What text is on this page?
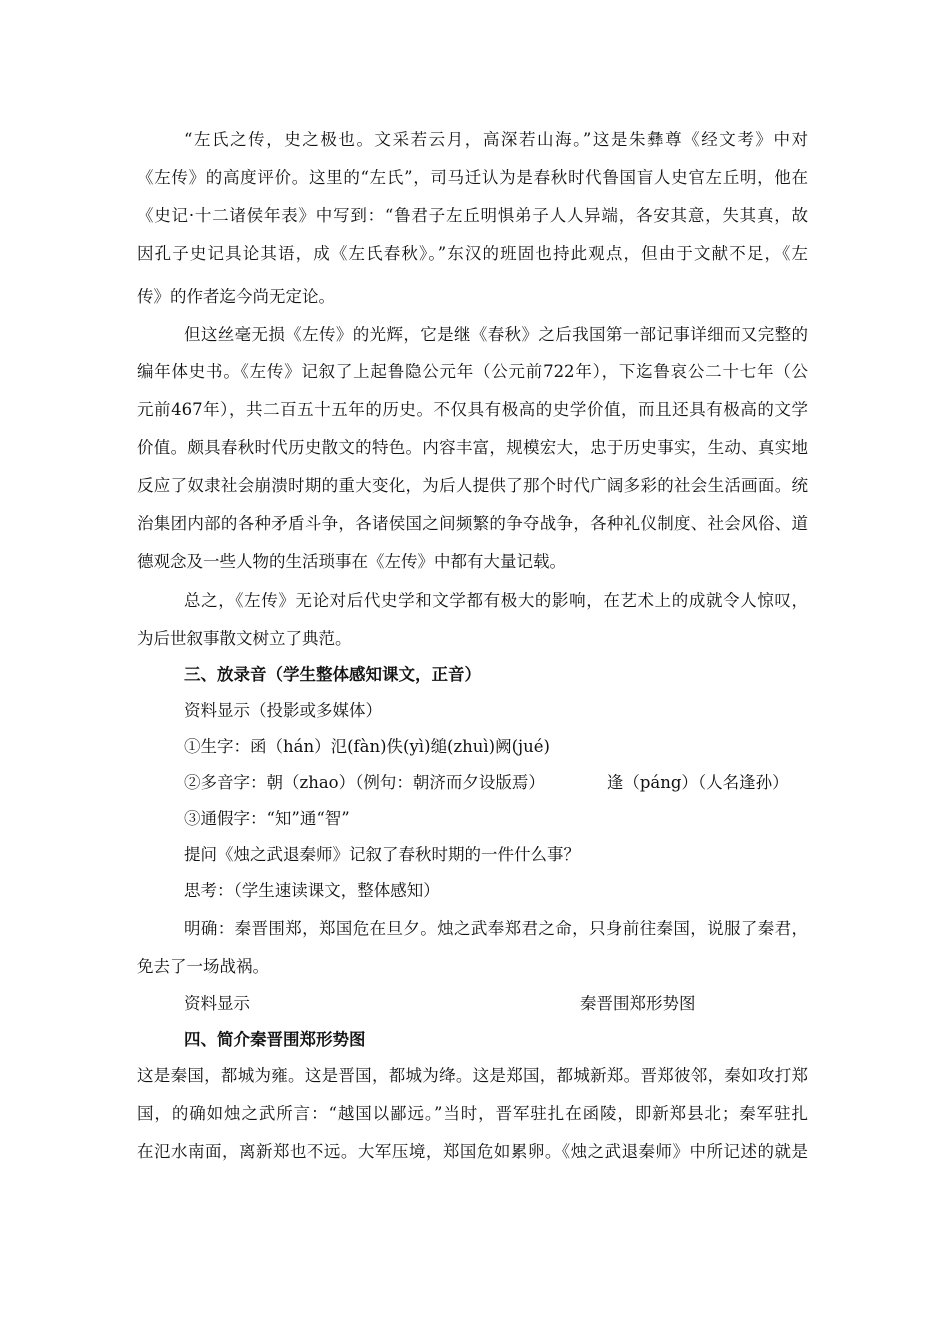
“左氏之传，史之极也。文采若云月，高深若山海。”这是朱彝尊《经文考》中对
《左传》的高度评价。这里的“左氏”，司马迁认为是春秋时代鲁国盲人史官左丘明，他在
《史记·十二诸侯年表》中写到：“鲁君子左丘明惧弟子人人异端，各安其意，失其真，故
因孔子史记具论其语，成《左氏春秋》。”东汉的班固也持此观点，但由于文献不足，《左
传》的作者迄今尚无定论。
但这丝毫无损《左传》的光辉，它是继《春秋》之后我国第一部记事详细而又完整的
编年体史书。《左传》记叙了上起鲁隐公元年（公元前722年），下迄鲁哀公二十七年（公
元前467年），共二百五十五年的历史。不仅具有极高的史学价值，而且还具有极高的文学
价值。颇具春秋时代历史散文的特色。内容丰富，规模宏大，忠于历史事实，生动、真实地
反应了奴隶社会崩溃时期的重大变化，为后人提供了那个时代广阔多彩的社会生活画面。统
治集团内部的各种矛盾斗争，各诸侯国之间频繁的争夺战争，各种礼仪制度、社会风俗、道
德观念及一些人物的生活琐事在《左传》中都有大量记载。
总之，《左传》无论对后代史学和文学都有极大的影响，在艺术上的成就令人惊叹，
为后世叙事散文树立了典范。
三、放录音（学生整体感知课文，正音）
资料显示（投影或多媒体）
①生字：函（hán）氾(fàn)佚(yì)缒(zhuì)阙(jué)
②多音字：朝（zhao）（例句：朝济而夕设版焉）	逢（páng）（人名逢孙）
③通假字：“知”通“智”
提问《烛之武退秦师》记叙了春秋时期的一件什么事？
思考：（学生速读课文，整体感知）
明确：秦晋围郑，郑国危在旦夕。烛之武奉郑君之命，只身前往秦国，说服了秦君，
免去了一场战祸。
资料显示	秦晋围郑形势图
四、简介秦晋围郑形势图
这是秦国，都城为雍。这是晋国，都城为绛。这是郑国，都城新郑。晋郑彼邻，秦如攻打郑
国，的确如烛之武所言：“越国以鄙远。”当时，晋军驻扎在函陵，即新郑县北；秦军驻扎
在氾水南面，离新郑也不远。大军压境，郑国危如累卵。《烛之武退秦师》中所记述的就是
